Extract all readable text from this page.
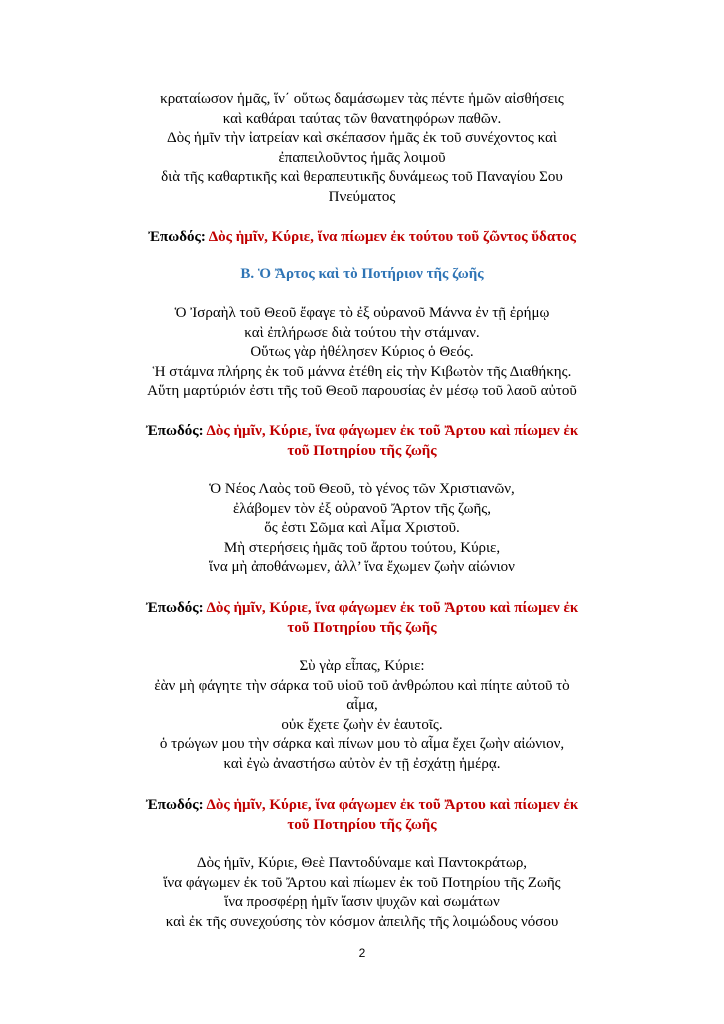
κραταίωσον ἡμᾶς, ἵν΄ οὕτως δαμάσωμεν τὰς πέντε ἡμῶν αἰσθήσεις
καὶ καθάραι ταύτας τῶν θανατηφόρων παθῶν.
Δὸς ἡμῖν τὴν ἰατρείαν καὶ σκέπασον ἡμᾶς ἐκ τοῦ συνέχοντος καὶ
ἐπαπειλοῦντος ἡμᾶς λοιμοῦ
διὰ τῆς καθαρτικῆς καὶ θεραπευτικῆς δυνάμεως τοῦ Παναγίου Σου
Πνεύματος
Ἐπωδός: Δὸς ἡμῖν, Κύριε, ἵνα πίωμεν ἐκ τούτου τοῦ ζῶντος ὕδατος
Β. Ὁ Ἄρτος καὶ τὸ Ποτήριον τῆς ζωῆς
Ὁ Ἰσραὴλ τοῦ Θεοῦ ἔφαγε τὸ ἐξ οὐρανοῦ Μάννα ἐν τῇ ἐρήμῳ
καὶ ἐπλήρωσε διὰ τούτου τὴν στάμναν.
Οὕτως γὰρ ἠθέλησεν Κύριος ὁ Θεός.
Ἡ στάμνα πλήρης ἐκ τοῦ μάννα ἐτέθη εἰς τὴν Κιβωτὸν τῆς Διαθήκης.
Αὕτη μαρτύριόν ἐστι τῆς τοῦ Θεοῦ παρουσίας ἐν μέσῳ τοῦ λαοῦ αὐτοῦ
Ἐπωδός: Δὸς ἡμῖν, Κύριε, ἵνα φάγωμεν ἐκ τοῦ Ἄρτου καὶ πίωμεν ἐκ
τοῦ Ποτηρίου τῆς ζωῆς
Ὁ Νέος Λαὸς τοῦ Θεοῦ, τὸ γένος τῶν Χριστιανῶν,
ἐλάβομεν τὸν ἐξ οὐρανοῦ Ἄρτον τῆς ζωῆς,
ὅς ἐστι Σῶμα καὶ Αἷμα Χριστοῦ.
Μὴ στερήσεις ἡμᾶς τοῦ ἄρτου τούτου, Κύριε,
ἵνα μὴ ἀποθάνωμεν, ἀλλ’ ἵνα ἔχωμεν ζωὴν αἰώνιον
Ἐπωδός: Δὸς ἡμῖν, Κύριε, ἵνα φάγωμεν ἐκ τοῦ Ἄρτου καὶ πίωμεν ἐκ
τοῦ Ποτηρίου τῆς ζωῆς
Σὺ γὰρ εἶπας, Κύριε:
ἐὰν μὴ φάγητε τὴν σάρκα τοῦ υἱοῦ τοῦ ἀνθρώπου καὶ πίητε αὐτοῦ τὸ
αἷμα,
οὐκ ἔχετε ζωὴν ἐν ἑαυτοῖς.
ὁ τρώγων μου τὴν σάρκα καὶ πίνων μου τὸ αἷμα ἔχει ζωὴν αἰώνιον,
καὶ ἐγὼ ἀναστήσω αὐτὸν ἐν τῇ ἐσχάτῃ ἡμέρᾳ.
Ἐπωδός: Δὸς ἡμῖν, Κύριε, ἵνα φάγωμεν ἐκ τοῦ Ἄρτου καὶ πίωμεν ἐκ
τοῦ Ποτηρίου τῆς ζωῆς
Δὸς ἡμῖν, Κύριε, Θεὲ Παντοδύναμε καὶ Παντοκράτωρ,
ἵνα φάγωμεν ἐκ τοῦ Ἄρτου καὶ πίωμεν ἐκ τοῦ Ποτηρίου τῆς Ζωῆς
ἵνα προσφέρῃ ἡμῖν ἴασιν ψυχῶν καὶ σωμάτων
καὶ ἐκ τῆς συνεχούσης τὸν κόσμον ἀπειλῆς τῆς λοιμώδους νόσου
2
